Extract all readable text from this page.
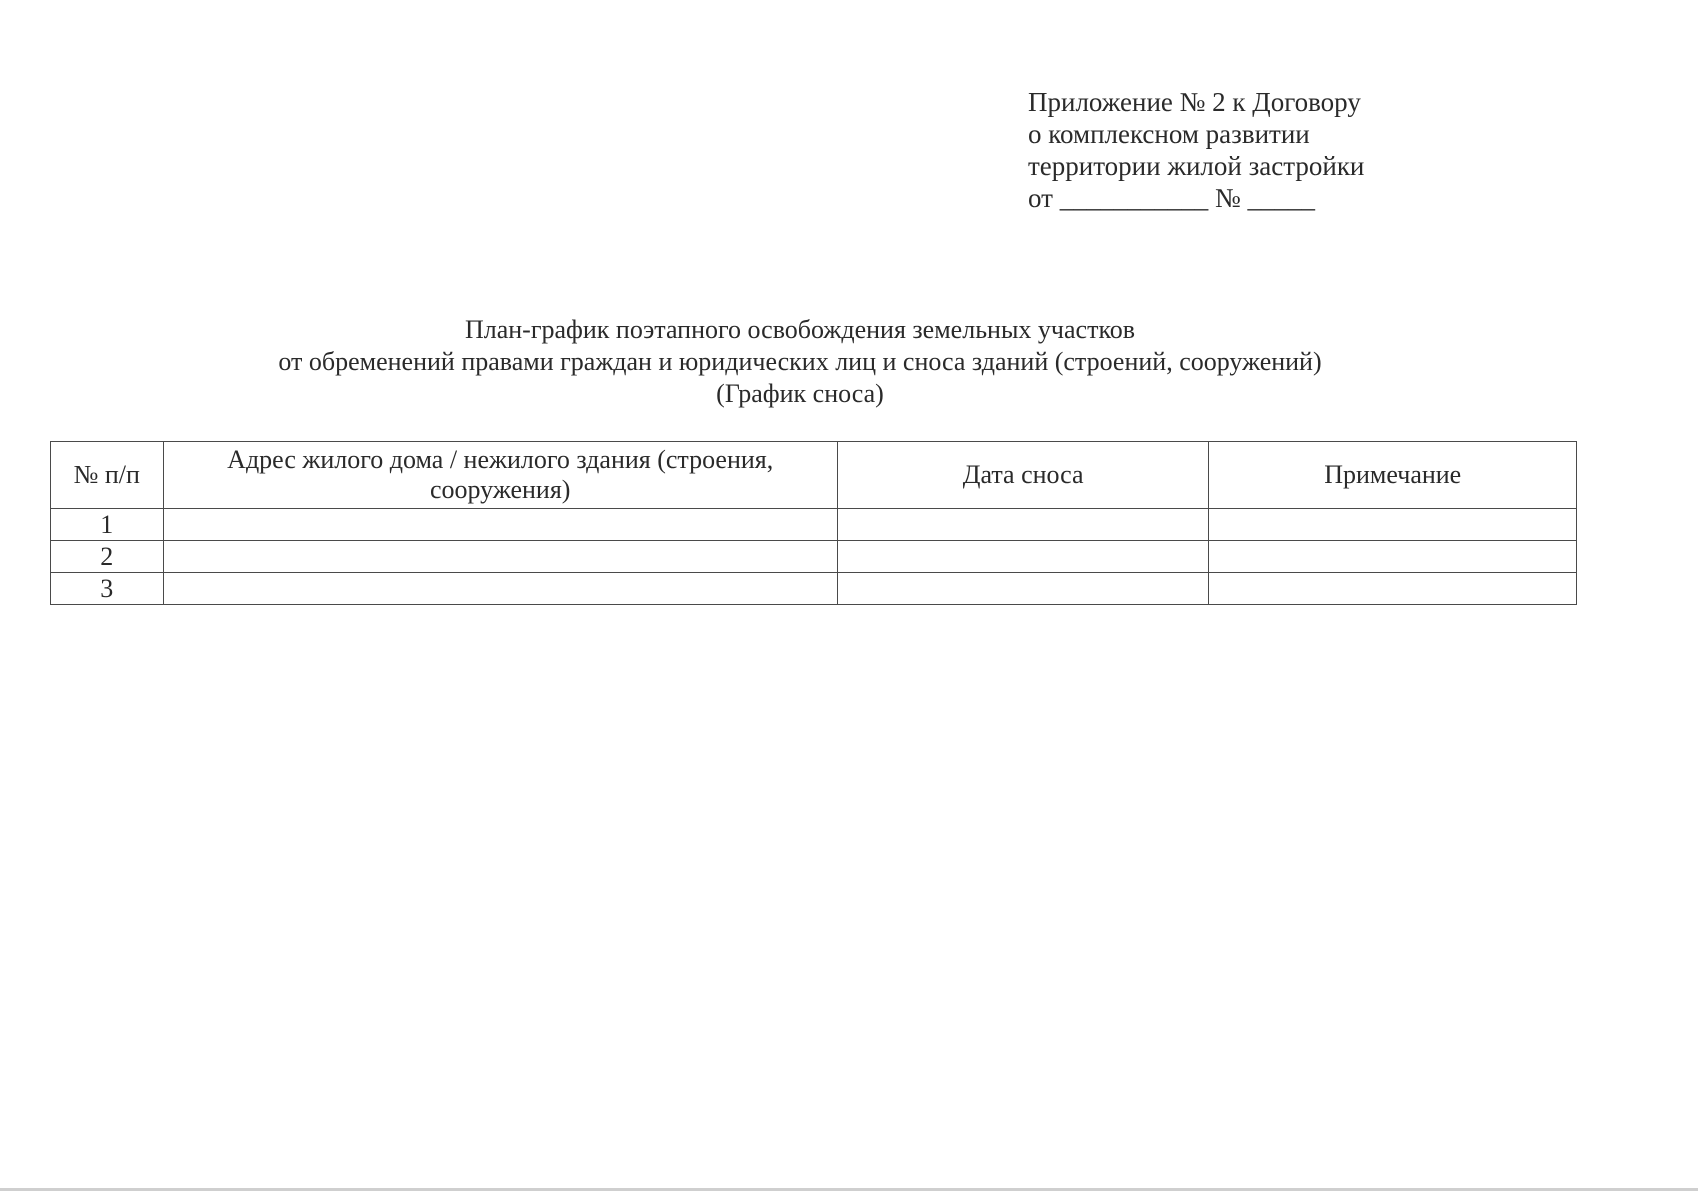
Приложение № 2 к Договору
о комплексном развитии
территории жилой застройки
от ___________ № _____
План-график поэтапного освобождения земельных участков
от обременений правами граждан и юридических лиц и сноса зданий (строений, сооружений)
(График сноса)
№ п/п	Адрес жилого дома / нежилого здания (строения, сооружения)	Дата сноса	Примечание
1			
2			
3			
